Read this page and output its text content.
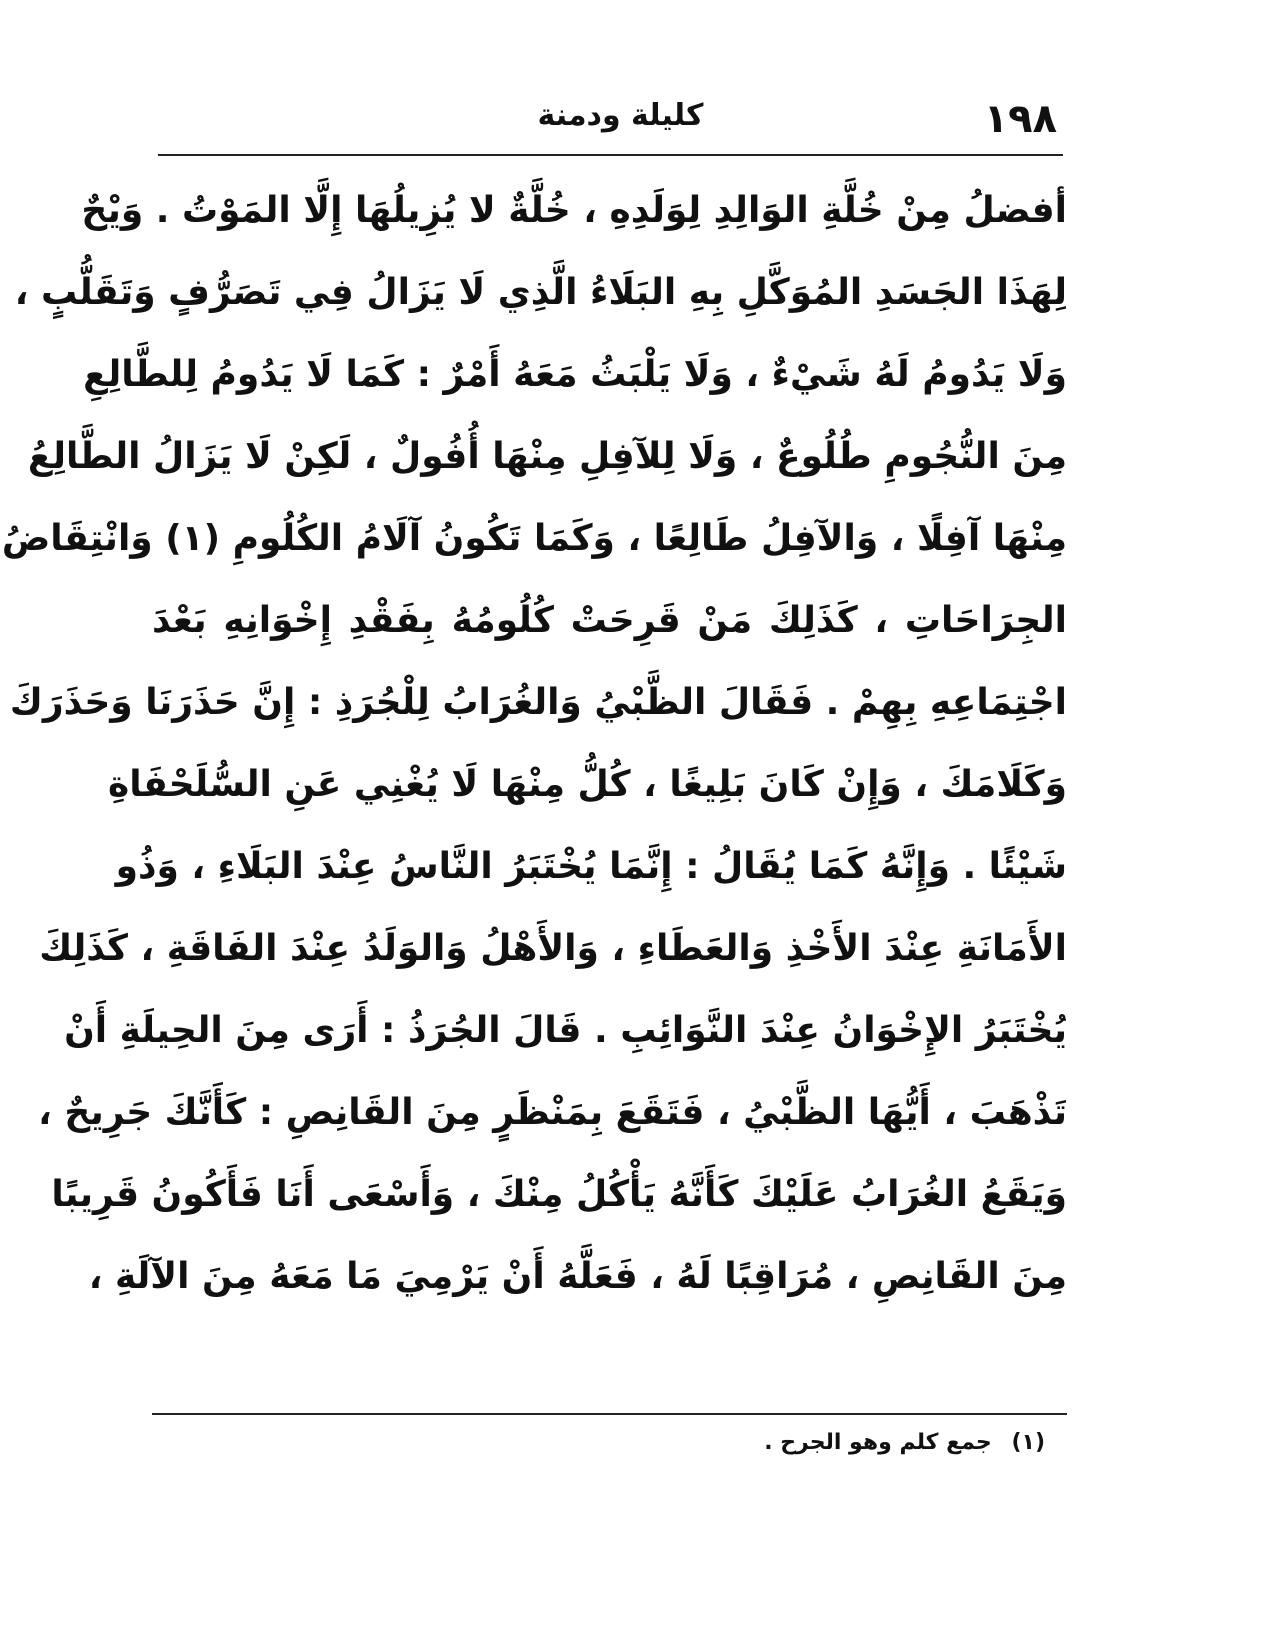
١٩٨
كليلة ودمنة
أفضلُ مِنْ خُلَّةِ الوَالِدِ لِوَلَدِهِ ، خُلَّةٌ لا يُزِيلُهَا إِلَّا المَوْتُ . وَيْحٌ
لِهَذَا الجَسَدِ المُوَكَّلِ بِهِ البَلَاءُ الَّذِي لَا يَزَالُ فِي تَصَرُّفٍ وَتَقَلُّبٍ ،
وَلَا يَدُومُ لَهُ شَيْءٌ ، وَلَا يَلْبَثُ مَعَهُ أَمْرٌ : كَمَا لَا يَدُومُ لِلطَّالِعِ
مِنَ النُّجُومِ طُلُوعٌ ، وَلَا لِلآفِلِ مِنْهَا أُفُولٌ ، لَكِنْ لَا يَزَالُ الطَّالِعُ
مِنْهَا آفِلًا ، وَالآفِلُ طَالِعًا ، وَكَمَا تَكُونُ آلَامُ الكُلُومِ (١) وَانْتِقَاضُ
الجِرَاحَاتِ ، كَذَلِكَ مَنْ قَرِحَتْ كُلُومُهُ بِفَقْدِ إِخْوَانِهِ بَعْدَ
اجْتِمَاعِهِ بِهِمْ . فَقَالَ الظَّبْيُ وَالغُرَابُ لِلْجُرَذِ : إِنَّ حَذَرَنَا وَحَذَرَكَ
وَكَلَامَكَ ، وَإِنْ كَانَ بَلِيغًا ، كُلُّ مِنْهَا لَا يُغْنِي عَنِ السُّلَحْفَاةِ
شَيْئًا . وَإِنَّهُ كَمَا يُقَالُ : إِنَّمَا يُخْتَبَرُ النَّاسُ عِنْدَ البَلَاءِ ، وَذُو
الأَمَانَةِ عِنْدَ الأَخْذِ وَالعَطَاءِ ، وَالأَهْلُ وَالوَلَدُ عِنْدَ الفَاقَةِ ، كَذَلِكَ
يُخْتَبَرُ الإِخْوَانُ عِنْدَ النَّوَائِبِ . قَالَ الجُرَذُ : أَرَى مِنَ الحِيلَةِ أَنْ
تَذْهَبَ ، أَيُّهَا الظَّبْيُ ، فَتَقَعَ بِمَنْظَرٍ مِنَ القَانِصِ : كَأَنَّكَ جَرِيحٌ ،
وَيَقَعُ الغُرَابُ عَلَيْكَ كَأَنَّهُ يَأْكُلُ مِنْكَ ، وَأَسْعَى أَنَا فَأَكُونُ قَرِيبًا
مِنَ القَانِصِ ، مُرَاقِبًا لَهُ ، فَعَلَّهُ أَنْ يَرْمِيَ مَا مَعَهُ مِنَ الآلَةِ ،
(١) جمع كلم وهو الجرح .
